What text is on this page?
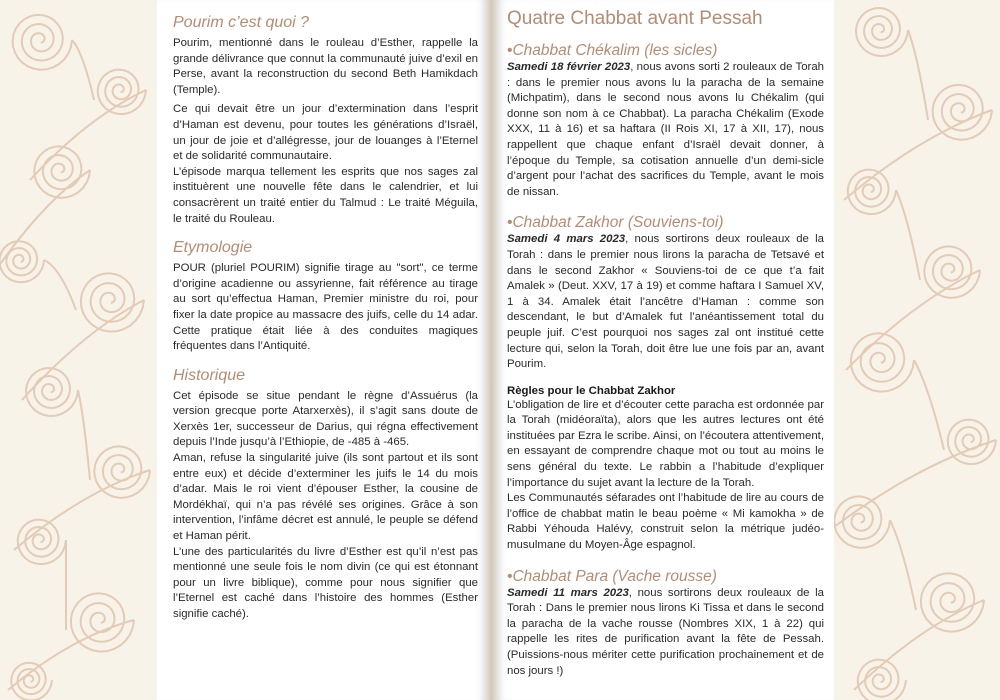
Pourim c’est quoi ?

Pourim, mentionné dans le rouleau d’Esther, rappelle la grande délivrance que connut la communauté juive d’exil en Perse, avant la reconstruction du second Beth Hamikdach (Temple).

Ce qui devait être un jour d’extermination dans l’esprit d’Haman est devenu, pour toutes les générations d’Israël, un jour de joie et d’allégresse, jour de louanges à l’Eternel et de solidarité communautaire.

L’épisode marqua tellement les esprits que nos sages zal instituèrent une nouvelle fête dans le calendrier, et lui consacrèrent un traité entier du Talmud : Le traité Méguila, le traité du Rouleau.

Etymologie

POUR (pluriel POURIM) signifie tirage au "sort", ce terme d’origine acadienne ou assyrienne, fait référence au tirage au sort qu’effectua Haman, Premier ministre du roi, pour fixer la date propice au massacre des juifs, celle du 14 adar. Cette pratique était liée à des conduites magiques fréquentes dans l’Antiquité.

Historique

Cet épisode se situe pendant le règne d’Assuérus (la version grecque porte Atarxerxès), il s’agit sans doute de Xerxès 1er, successeur de Darius, qui régna effectivement depuis l’Inde jusqu’à l’Ethiopie, de -485 à -465.

Aman, refuse la singularité juive (ils sont partout et ils sont entre eux) et décide d’exterminer les juifs le 14 du mois d’adar. Mais le roi vient d’épouser Esther, la cousine de Mordékhaï, qui n’a pas révélé ses origines. Grâce à son intervention, l’infâme décret est annulé, le peuple se défend et Haman périt.

L’une des particularités du livre d’Esther est qu’il n’est pas mentionné une seule fois le nom divin (ce qui est étonnant pour un livre biblique), comme pour nous signifier que l’Eternel est caché dans l’histoire des hommes (Esther signifie caché).

Quatre Chabbat avant Pessah
•Chabbat Chékalim (les sicles)

Samedi 18 février 2023, nous avons sorti 2 rouleaux de Torah : dans le premier nous avons lu la paracha de la semaine (Michpatim), dans le second nous avons lu Chékalim (qui donne son nom à ce Chabbat). La paracha Chékalim (Exode XXX, 11 à 16) et sa haftara (II Rois XI, 17 à XII, 17), nous rappellent que chaque enfant d’Israël devait donner, à l’époque du Temple, sa cotisation annuelle d’un demi-sicle d’argent pour l’achat des sacrifices du Temple, avant le mois de nissan.

•Chabbat Zakhor (Souviens-toi)

Samedi 4 mars 2023, nous sortirons deux rouleaux de la Torah : dans le premier nous lirons la paracha de Tetsavé et dans le second Zakhor « Souviens-toi de ce que t’a fait Amalek » (Deut. XXV, 17 à 19) et comme haftara I Samuel XV, 1 à 34. Amalek était l’ancêtre d’Haman : comme son descendant, le but d’Amalek fut l’anéantissement total du peuple juif. C’est pourquoi nos sages zal ont institué cette lecture qui, selon la Torah, doit être lue une fois par an, avant Pourim.

Règles pour le Chabbat Zakhor

L’obligation de lire et d’écouter cette paracha est ordonnée par la Torah (midéoraïta), alors que les autres lectures ont été instituées par Ezra le scribe. Ainsi, on l’écoutera attentivement, en essayant de comprendre chaque mot ou tout au moins le sens général du texte. Le rabbin a l’habitude d’expliquer l’importance du sujet avant la lecture de la Torah.

Les Communautés séfarades ont l’habitude de lire au cours de l’office de chabbat matin le beau poème « Mi kamokha » de Rabbi Yéhouda Halévy, construit selon la métrique judéo-musulmane du Moyen-Âge espagnol.

•Chabbat Para (Vache rousse)

Samedi 11 mars 2023, nous sortirons deux rouleaux de la Torah : Dans le premier nous lirons Ki Tissa et dans le second la paracha de la vache rousse (Nombres XIX, 1 à 22) qui rappelle les rites de purification avant la fête de Pessah. (Puissions-nous mériter cette purification prochainement et de nos jours !)
